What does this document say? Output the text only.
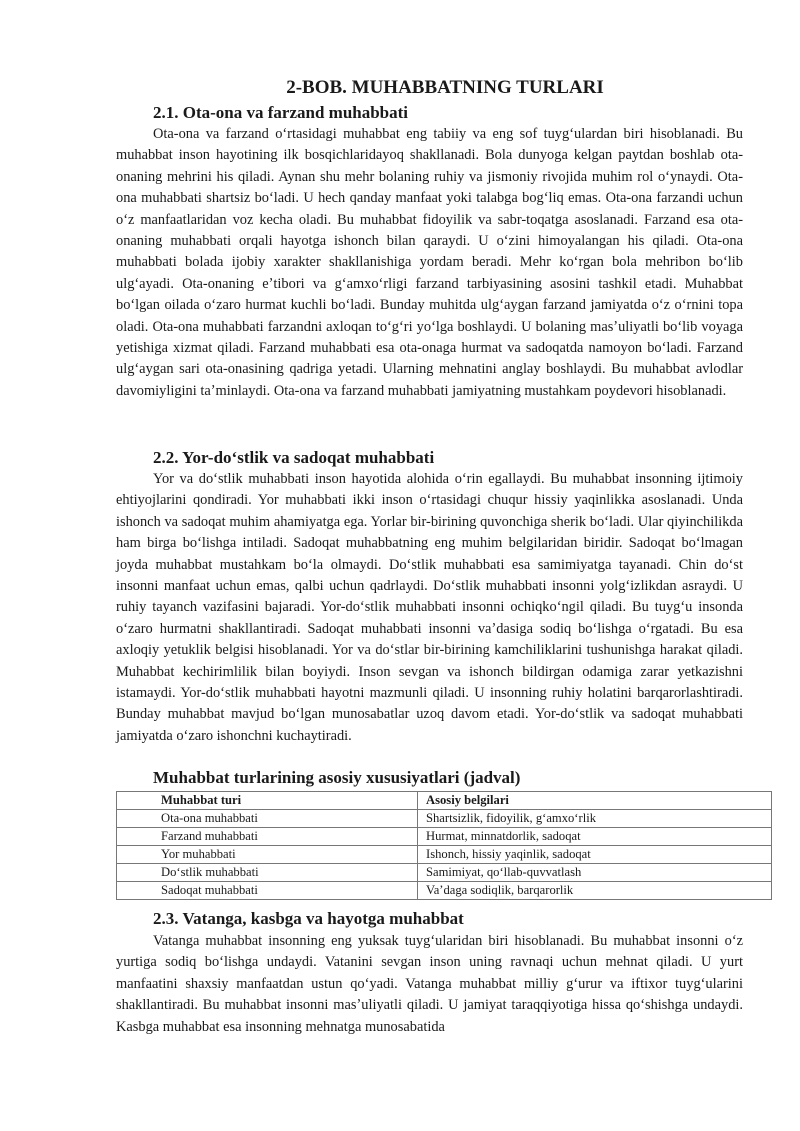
2-BOB. MUHABBATNING TURLARI
2.1. Ota-ona va farzand muhabbati

Ota-ona va farzand oʻrtasidagi muhabbat eng tabiiy va eng sof tuygʻulardan biri hisoblanadi. Bu muhabbat inson hayotining ilk bosqichlaridayoq shakllanadi. Bola dunyoga kelgan paytdan boshlab ota-onaning mehrini his qiladi. Aynan shu mehr bolaning ruhiy va jismoniy rivojida muhim rol oʻynaydi. Ota-ona muhabbati shartsiz boʻladi. U hech qanday manfaat yoki talabga bogʻliq emas. Ota-ona farzandi uchun oʻz manfaatlaridan voz kecha oladi. Bu muhabbat fidoyilik va sabr-toqatga asoslanadi. Farzand esa ota-onaning muhabbati orqali hayotga ishonch bilan qaraydi. U oʻzini himoyalangan his qiladi. Ota-ona muhabbati bolada ijobiy xarakter shakllanishiga yordam beradi. Mehr koʻrgan bola mehribon boʻlib ulgʻayadi. Ota-onaning eʼtibori va gʻamxoʻrligi farzand tarbiyasining asosini tashkil etadi. Muhabbat boʻlgan oilada oʻzaro hurmat kuchli boʻladi. Bunday muhitda ulgʻaygan farzand jamiyatda oʻz oʻrnini topa oladi. Ota-ona muhabbati farzandni axloqan toʻgʻri yoʻlga boshlaydi. U bolaning masʼuliyatli boʻlib voyaga yetishiga xizmat qiladi. Farzand muhabbati esa ota-onaga hurmat va sadoqatda namoyon boʻladi. Farzand ulgʻaygan sari ota-onasining qadriga yetadi. Ularning mehnatini anglay boshlaydi. Bu muhabbat avlodlar davomiyligini taʼminlaydi. Ota-ona va farzand muhabbati jamiyatning mustahkam poydevori hisoblanadi.

2.2. Yor-doʻstlik va sadoqat muhabbati

Yor va doʻstlik muhabbati inson hayotida alohida oʻrin egallaydi. Bu muhabbat insonning ijtimoiy ehtiyojlarini qondiradi. Yor muhabbati ikki inson oʻrtasidagi chuqur hissiy yaqinlikka asoslanadi. Unda ishonch va sadoqat muhim ahamiyatga ega. Yorlar bir-birining quvonchiga sherik boʻladi. Ular qiyinchilikda ham birga boʻlishga intiladi. Sadoqat muhabbatning eng muhim belgilaridan biridir. Sadoqat boʻlmagan joyda muhabbat mustahkam boʻla olmaydi. Doʻstlik muhabbati esa samimiyatga tayanadi. Chin doʻst insonni manfaat uchun emas, qalbi uchun qadrlaydi. Doʻstlik muhabbati insonni yolgʻizlikdan asraydi. U ruhiy tayanch vazifasini bajaradi. Yor-doʻstlik muhabbati insonni ochiqkoʻngil qiladi. Bu tuygʻu insonda oʻzaro hurmatni shakllantiradi. Sadoqat muhabbati insonni vaʼdasiga sodiq boʻlishga oʻrgatadi. Bu esa axloqiy yetuklik belgisi hisoblanadi. Yor va doʻstlar bir-birining kamchiliklarini tushunishga harakat qiladi. Muhabbat kechirimlilik bilan boyiydi. Inson sevgan va ishonch bildirgan odamiga zarar yetkazishni istamaydi. Yor-doʻstlik muhabbati hayotni mazmunli qiladi. U insonning ruhiy holatini barqarorlashtiradi. Bunday muhabbat mavjud boʻlgan munosabatlar uzoq davom etadi. Yor-doʻstlik va sadoqat muhabbati jamiyatda oʻzaro ishonchni kuchaytiradi.

Muhabbat turlarining asosiy xususiyatlari (jadval)
Muhabbat turi	Asosiy belgilari
Ota-ona muhabbati	Shartsizlik, fidoyilik, gʻamxoʻrlik
Farzand muhabbati	Hurmat, minnatdorlik, sadoqat
Yor muhabbati	Ishonch, hissiy yaqinlik, sadoqat
Doʻstlik muhabbati	Samimiyat, qoʻllab-quvvatlash
Sadoqat muhabbati	Vaʼdaga sodiqlik, barqarorlik
2.3. Vatanga, kasbga va hayotga muhabbat

Vatanga muhabbat insonning eng yuksak tuygʻularidan biri hisoblanadi. Bu muhabbat insonni oʻz yurtiga sodiq boʻlishga undaydi. Vatanini sevgan inson uning ravnaqi uchun mehnat qiladi. U yurt manfaatini shaxsiy manfaatdan ustun qoʻyadi. Vatanga muhabbat milliy gʻurur va iftixor tuygʻularini shakllantiradi. Bu muhabbat insonni masʼuliyatli qiladi. U jamiyat taraqqiyotiga hissa qoʻshishga undaydi. Kasbga muhabbat esa insonning mehnatga munosabatida
